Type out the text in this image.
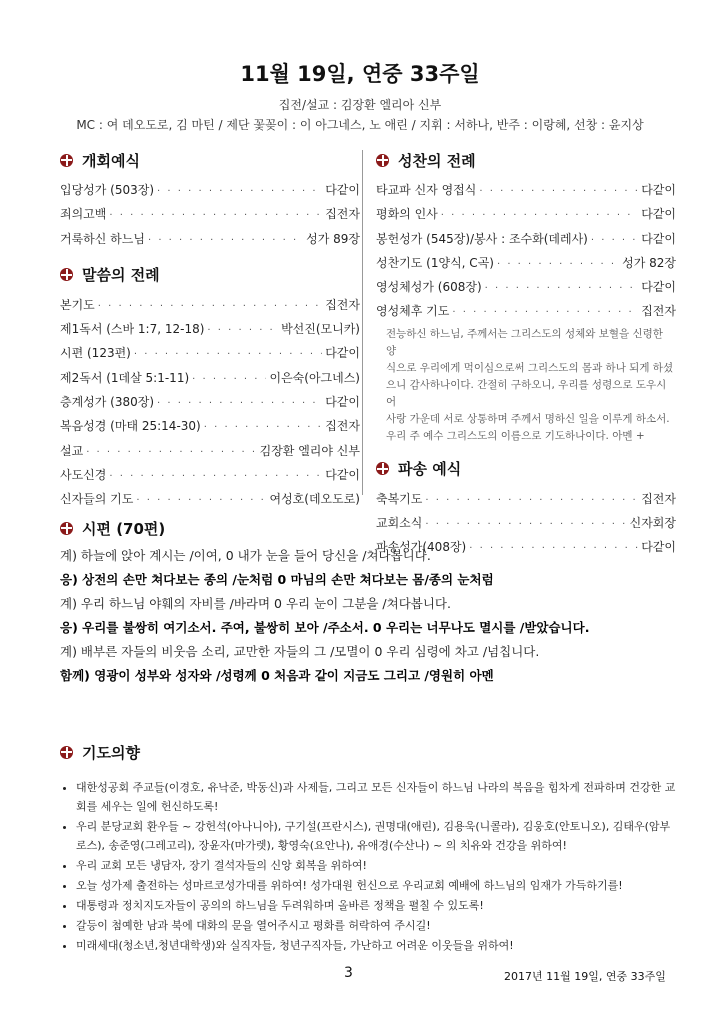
11월 19일, 연중 33주일
집전/설교 : 김장환 엘리아 신부
MC : 여 데오도로, 김 마틴 / 제단 꽃꽂이 : 이 아그네스, 노 애린 / 지휘 : 서하나, 반주 : 이랑혜, 선창 : 윤지상
개회예식
입당성가 (503장) · · ·	다같이
죄의고백 · · ·	집전자
거룩하신 하느님 · · ·	성가 89장
말씀의 전례
본기도 · · ·	집전자
제1독서 (스바 1:7, 12-18) · · ·	박선진(모니카)
시편 (123편) · · ·	다같이
제2독서 (1데살 5:1-11) · · ·	이은숙(아그네스)
층계성가 (380장) · · ·	다같이
복음성경 (마태 25:14-30) · · ·	집전자
설교 · · ·	김장환 엘리야 신부
사도신경 · · ·	다같이
신자들의 기도 · · ·	여성호(데오도로)
성찬의 전례
타교파 신자 영접식 · · ·	다같이
평화의 인사 · · ·	다같이
봉헌성가 (545장)/봉사 : 조수화(데레사) · · ·	다같이
성찬기도 (1양식, C곡) · · ·	성가 82장
영성체성가 (608장) · · ·	다같이
영성체후 기도 · · ·	집전자
전능하신 하느님, 주께서는 그리스도의 성체와 보혈을 신령한 양
식으로 우리에게 먹이심으로써 그리스도의 몸과 하나 되게 하셨
으니 감사하나이다. 간절히 구하오니, 우리를 성령으로 도우시어
사랑 가운데 서로 상통하며 주께서 명하신 일을 이루게 하소서.
우리 주 예수 그리스도의 이름으로 기도하나이다. 아멘 +
파송 예식
축복기도 · · ·	집전자
교회소식 · · ·	신자회장
파송성가(408장) · · ·	다같이
시편 (70편)
계) 하늘에 앉아 계시는 /이여, 0 내가 눈을 들어 당신을 /쳐다봅니다.
응) 상전의 손만 쳐다보는 종의 /눈처럼 0 마님의 손만 쳐다보는 몸/종의 눈처럼
계) 우리 하느님 야훼의 자비를 /바라며 0 우리 눈이 그분을 /쳐다봅니다.
응) 우리를 불쌍히 여기소서. 주여, 불쌍히 보아 /주소서. 0 우리는 너무나도 멸시를 /받았습니다.
계) 배부른 자들의 비웃음 소리, 교만한 자들의 그 /모멸이 0 우리 심령에 차고 /넘칩니다.
함께) 영광이 성부와 성자와 /성령께 0 처음과 같이 지금도 그리고 /영원히 아멘
기도의향
• 대한성공회 주교들(이경호, 유낙준, 박동신)과 사제들, 그리고 모든 신자들이 하느님 나라의 복음을 힘차게 전파하며 건강한 교회를 세우는 일에 헌신하도록!
• 우리 분당교회 환우들 ~ 강헌석(아나니아), 구기설(프란시스), 권명대(애린), 김용욱(니콜라), 김웅호(안토니오), 김태우(암부로스), 송준영(그레고리), 장윤자(마가렛), 황영숙(요안나), 유애경(수산나) ~ 의 치유와 건강을 위하여!
• 우리 교회 모든 냉담자, 장기 결석자들의 신앙 회복을 위하여!
• 오늘 성가제 출전하는 성마르코성가대를 위하여! 성가대원 헌신으로 우리교회 예배에 하느님의 임재가 가득하기를!
• 대통령과 정치지도자들이 공의의 하느님을 두려워하며 올바른 정책을 펼칠 수 있도록!
• 갈등이 첨예한 남과 북에 대화의 문을 열어주시고 평화를 허락하여 주시길!
• 미래세대(청소년,청년대학생)와 실직자들, 청년구직자들, 가난하고 어려운 이웃들을 위하여!
3	2017년 11월 19일, 연중 33주일
